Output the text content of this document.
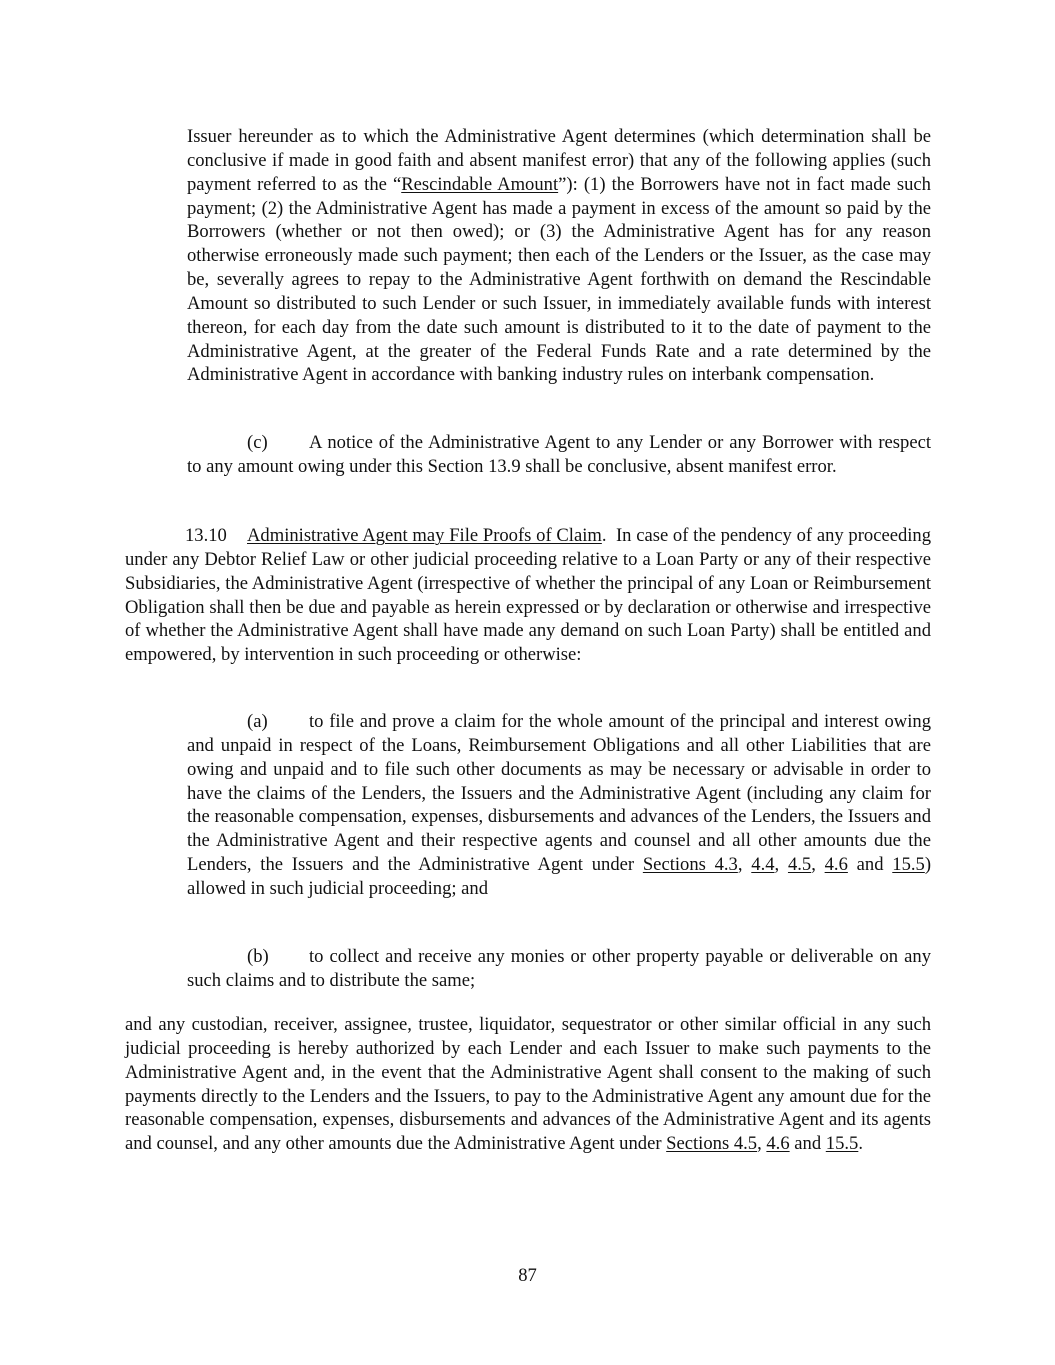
Issuer hereunder as to which the Administrative Agent determines (which determination shall be conclusive if made in good faith and absent manifest error) that any of the following applies (such payment referred to as the “Rescindable Amount”): (1) the Borrowers have not in fact made such payment; (2) the Administrative Agent has made a payment in excess of the amount so paid by the Borrowers (whether or not then owed); or (3) the Administrative Agent has for any reason otherwise erroneously made such payment; then each of the Lenders or the Issuer, as the case may be, severally agrees to repay to the Administrative Agent forthwith on demand the Rescindable Amount so distributed to such Lender or such Issuer, in immediately available funds with interest thereon, for each day from the date such amount is distributed to it to the date of payment to the Administrative Agent, at the greater of the Federal Funds Rate and a rate determined by the Administrative Agent in accordance with banking industry rules on interbank compensation.

(c) A notice of the Administrative Agent to any Lender or any Borrower with respect to any amount owing under this Section 13.9 shall be conclusive, absent manifest error.

13.10 Administrative Agent may File Proofs of Claim. In case of the pendency of any proceeding under any Debtor Relief Law or other judicial proceeding relative to a Loan Party or any of their respective Subsidiaries, the Administrative Agent (irrespective of whether the principal of any Loan or Reimbursement Obligation shall then be due and payable as herein expressed or by declaration or otherwise and irrespective of whether the Administrative Agent shall have made any demand on such Loan Party) shall be entitled and empowered, by intervention in such proceeding or otherwise:

(a) to file and prove a claim for the whole amount of the principal and interest owing and unpaid in respect of the Loans, Reimbursement Obligations and all other Liabilities that are owing and unpaid and to file such other documents as may be necessary or advisable in order to have the claims of the Lenders, the Issuers and the Administrative Agent (including any claim for the reasonable compensation, expenses, disbursements and advances of the Lenders, the Issuers and the Administrative Agent and their respective agents and counsel and all other amounts due the Lenders, the Issuers and the Administrative Agent under Sections 4.3, 4.4, 4.5, 4.6 and 15.5) allowed in such judicial proceeding; and

(b) to collect and receive any monies or other property payable or deliverable on any such claims and to distribute the same;

and any custodian, receiver, assignee, trustee, liquidator, sequestrator or other similar official in any such judicial proceeding is hereby authorized by each Lender and each Issuer to make such payments to the Administrative Agent and, in the event that the Administrative Agent shall consent to the making of such payments directly to the Lenders and the Issuers, to pay to the Administrative Agent any amount due for the reasonable compensation, expenses, disbursements and advances of the Administrative Agent and its agents and counsel, and any other amounts due the Administrative Agent under Sections 4.5, 4.6 and 15.5.

87
